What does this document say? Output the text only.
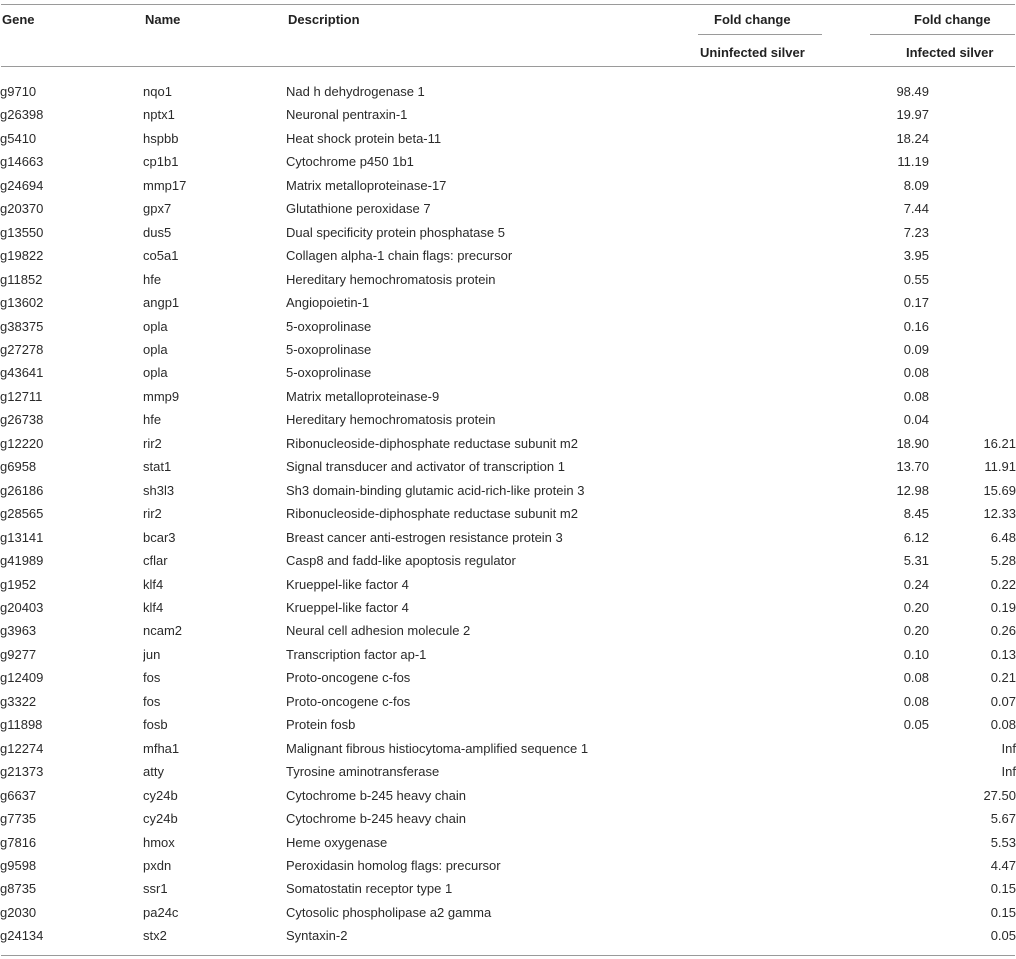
Gene	Name	Description	Fold change	Fold change
Uninfected silver	Infected silver
g9710	nqo1	Nad h dehydrogenase 1	98.49	
g26398	nptx1	Neuronal pentraxin-1	19.97	
g5410	hspbb	Heat shock protein beta-11	18.24	
g14663	cp1b1	Cytochrome p450 1b1	11.19	
g24694	mmp17	Matrix metalloproteinase-17	8.09	
g20370	gpx7	Glutathione peroxidase 7	7.44	
g13550	dus5	Dual specificity protein phosphatase 5	7.23	
g19822	co5a1	Collagen alpha-1 chain flags: precursor	3.95	
g11852	hfe	Hereditary hemochromatosis protein	0.55	
g13602	angp1	Angiopoietin-1	0.17	
g38375	opla	5-oxoprolinase	0.16	
g27278	opla	5-oxoprolinase	0.09	
g43641	opla	5-oxoprolinase	0.08	
g12711	mmp9	Matrix metalloproteinase-9	0.08	
g26738	hfe	Hereditary hemochromatosis protein	0.04	
g12220	rir2	Ribonucleoside-diphosphate reductase subunit m2	18.90	16.21
g6958	stat1	Signal transducer and activator of transcription 1	13.70	11.91
g26186	sh3l3	Sh3 domain-binding glutamic acid-rich-like protein 3	12.98	15.69
g28565	rir2	Ribonucleoside-diphosphate reductase subunit m2	8.45	12.33
g13141	bcar3	Breast cancer anti-estrogen resistance protein 3	6.12	6.48
g41989	cflar	Casp8 and fadd-like apoptosis regulator	5.31	5.28
g1952	klf4	Krueppel-like factor 4	0.24	0.22
g20403	klf4	Krueppel-like factor 4	0.20	0.19
g3963	ncam2	Neural cell adhesion molecule 2	0.20	0.26
g9277	jun	Transcription factor ap-1	0.10	0.13
g12409	fos	Proto-oncogene c-fos	0.08	0.21
g3322	fos	Proto-oncogene c-fos	0.08	0.07
g11898	fosb	Protein fosb	0.05	0.08
g12274	mfha1	Malignant fibrous histiocytoma-amplified sequence 1		Inf
g21373	atty	Tyrosine aminotransferase		Inf
g6637	cy24b	Cytochrome b-245 heavy chain		27.50
g7735	cy24b	Cytochrome b-245 heavy chain		5.67
g7816	hmox	Heme oxygenase		5.53
g9598	pxdn	Peroxidasin homolog flags: precursor		4.47
g8735	ssr1	Somatostatin receptor type 1		0.15
g2030	pa24c	Cytosolic phospholipase a2 gamma		0.15
g24134	stx2	Syntaxin-2		0.05
